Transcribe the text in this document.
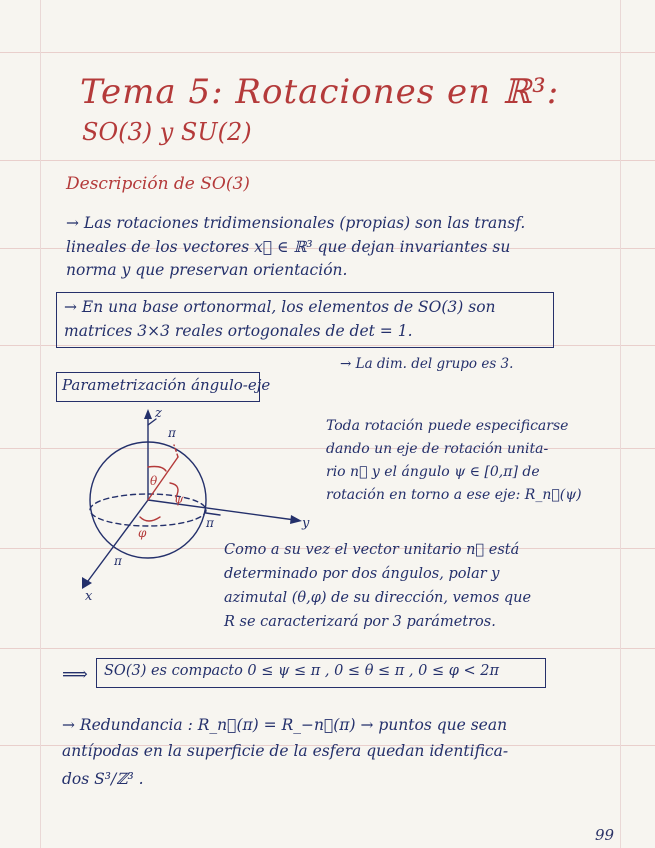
Tema 5: Rotaciones en ℝ³:
SO(3) y SU(2)
Descripción de SO(3)
→ Las rotaciones tridimensionales (propias) son las transf.
lineales de los vectores x⃗ ∈ ℝ³ que dejan invariantes su
norma y que preservan orientación.
→ En una base ortonormal, los elementos de SO(3) son
matrices 3×3 reales ortogonales de det = 1.
→ La dim. del grupo es 3.
Parametrización ángulo-eje
z
y
x
π
π
π
θ
ψ
φ
Toda rotación puede especificarse
dando un eje de rotación unita-
rio n⃗ y el ángulo ψ ∈ [0,π] de
rotación en torno a ese eje: R_n⃗(ψ)
Como a su vez el vector unitario n⃗ está
determinado por dos ángulos, polar y
azimutal (θ,φ) de su dirección, vemos que
R se caracterizará por 3 parámetros.
⟹ SO(3) es compacto 0 ≤ ψ ≤ π , 0 ≤ θ ≤ π , 0 ≤ φ < 2π
→ Redundancia : R_n⃗(π) = R_−n⃗(π) → puntos que sean
antípodas en la superficie de la esfera quedan identifica-
dos S³/ℤ³ .
99
